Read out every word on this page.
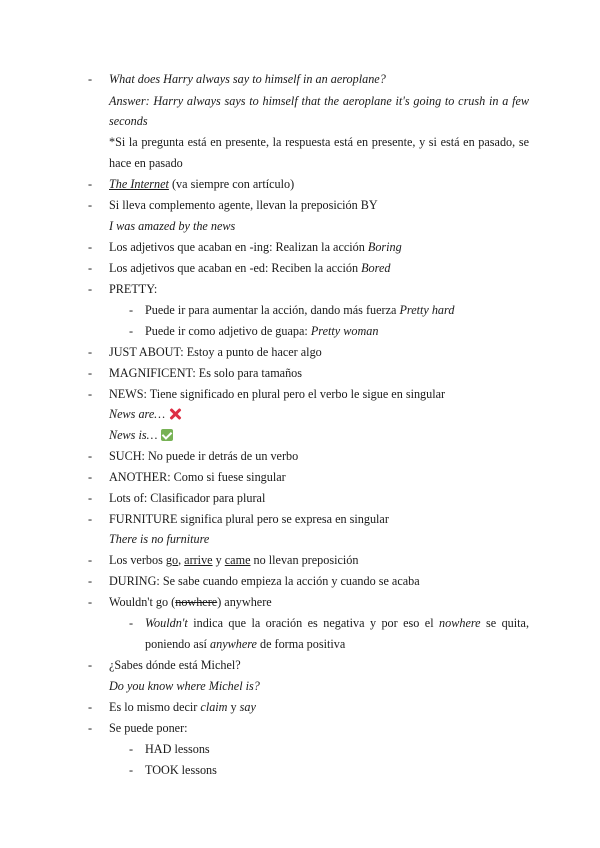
- What does Harry always say to himself in an aeroplane?
Answer: Harry always says to himself that the aeroplane it's going to crush in a few
seconds
*Si la pregunta está en presente, la respuesta está en presente, y si está en pasado, se
hace en pasado
- The Internet (va siempre con artículo)
- Si lleva complemento agente, llevan la preposición BY
I was amazed by the news
- Los adjetivos que acaban en -ing: Realizan la acción Boring
- Los adjetivos que acaban en -ed: Reciben la acción Bored
- PRETTY:
- Puede ir para aumentar la acción, dando más fuerza Pretty hard
- Puede ir como adjetivo de guapa: Pretty woman
- JUST ABOUT: Estoy a punto de hacer algo
- MAGNIFICENT: Es solo para tamaños
- NEWS: Tiene significado en plural pero el verbo le sigue en singular
News are…
News is…
- SUCH: No puede ir detrás de un verbo
- ANOTHER: Como si fuese singular
- Lots of: Clasificador para plural
- FURNITURE significa plural pero se expresa en singular
There is no furniture
- Los verbos go, arrive y came no llevan preposición
- DURING: Se sabe cuando empieza la acción y cuando se acaba
- Wouldn't go (nowhere) anywhere
- Wouldn't indica que la oración es negativa y por eso el nowhere se quita,
poniendo así anywhere de forma positiva
- ¿Sabes dónde está Michel?
Do you know where Michel is?
- Es lo mismo decir claim y say
- Se puede poner:
- HAD lessons
- TOOK lessons
